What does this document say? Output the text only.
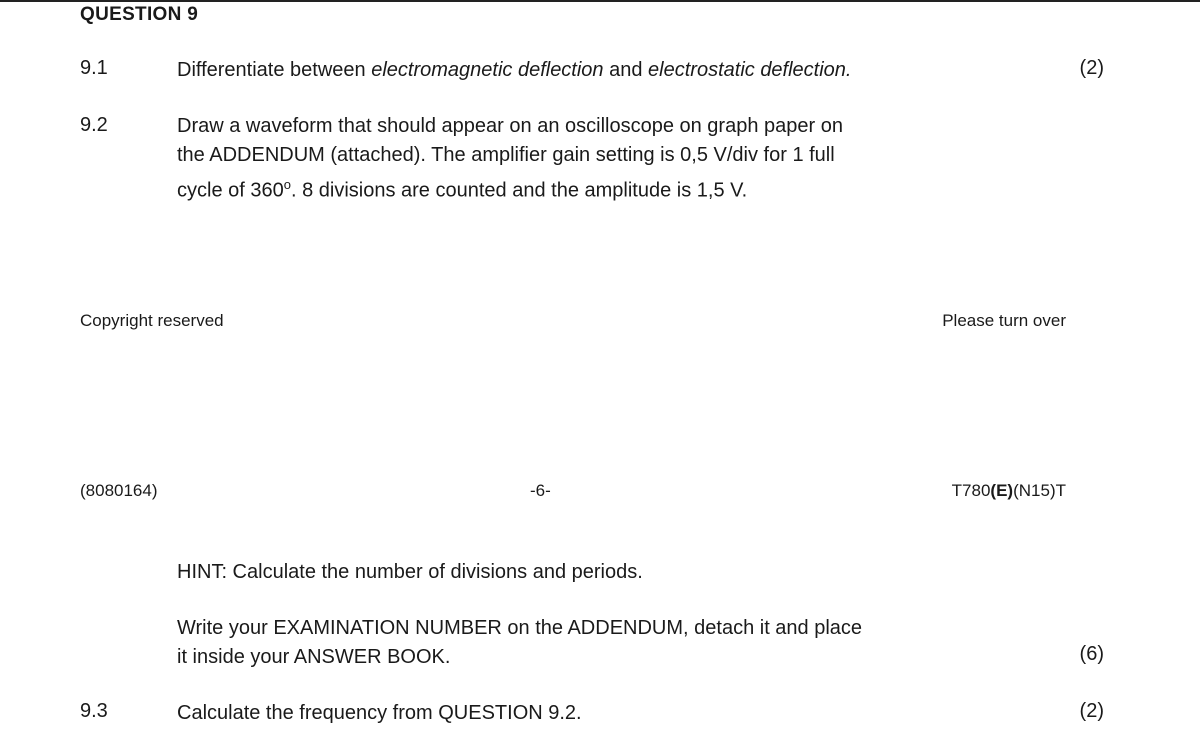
QUESTION 9
9.1	Differentiate between electromagnetic deflection and electrostatic deflection.	(2)
9.2	Draw a waveform that should appear on an oscilloscope on graph paper on
the ADDENDUM (attached). The amplifier gain setting is 0,5 V/div for 1 full
cycle of 360$^o$. 8 divisions are counted and the amplitude is 1,5 V.
Copyright reserved	Please turn over
(8080164)	-6-	T780(E)(N15)T
HINT: Calculate the number of divisions and periods.
Write your EXAMINATION NUMBER on the ADDENDUM, detach it and place
it inside your ANSWER BOOK.	(6)
9.3	Calculate the frequency from QUESTION 9.2.	(2)
